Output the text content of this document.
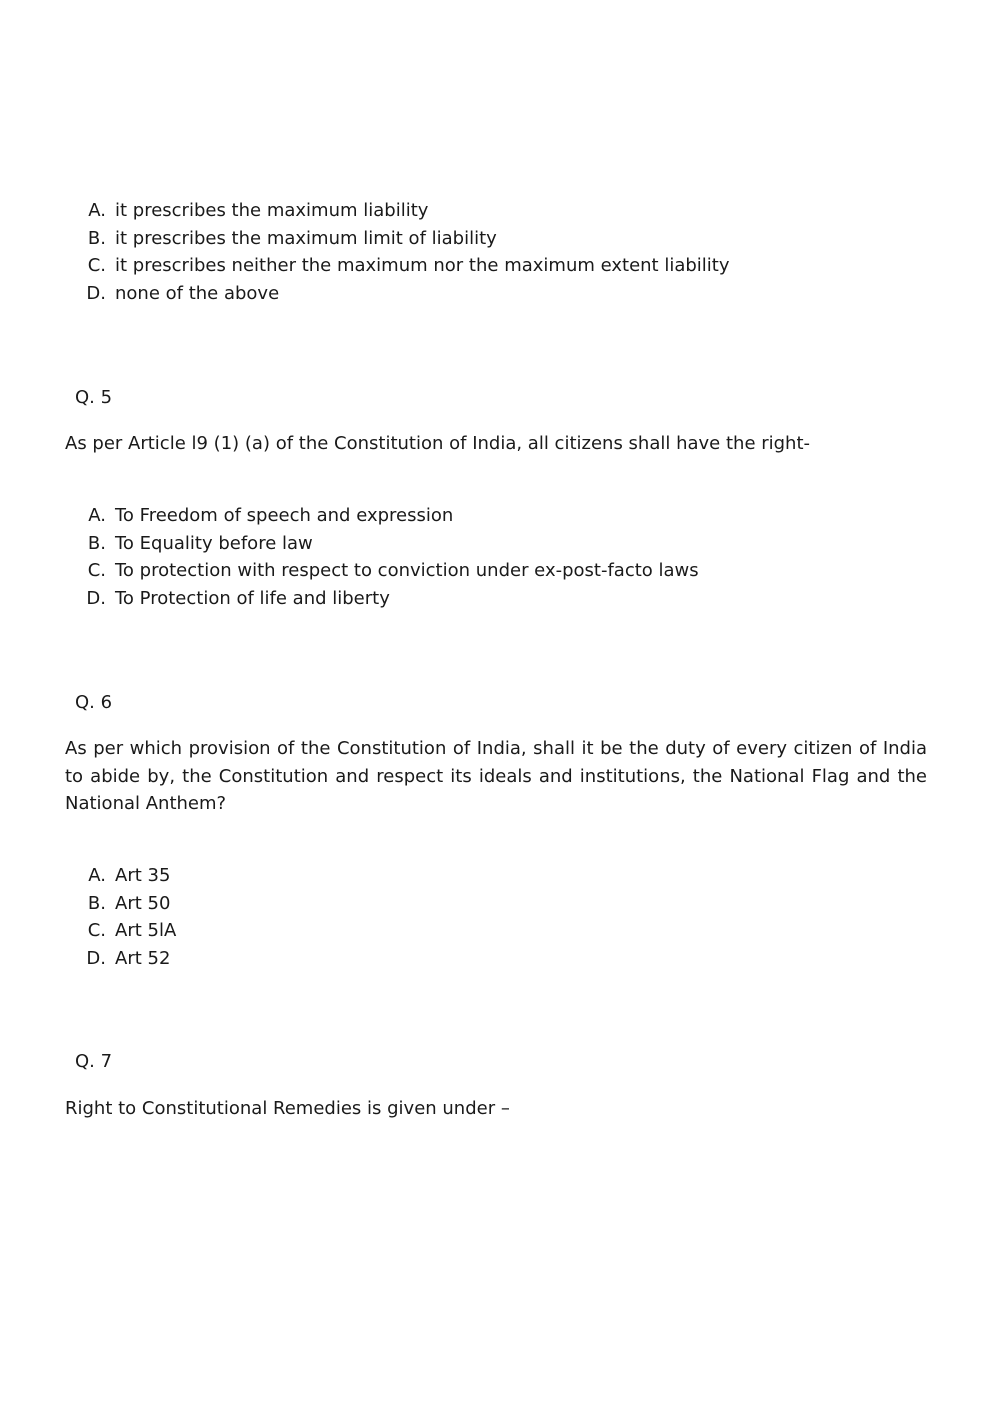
A. it prescribes the maximum liability
B. it prescribes the maximum limit of liability
C. it prescribes neither the maximum nor the maximum extent liability
D. none of the above
Q. 5
As per Article l9 (1) (a) of the Constitution of India, all citizens shall have the right-
A. To Freedom of speech and expression
B. To Equality before law
C. To protection with respect to conviction under ex-post-facto laws
D. To Protection of life and liberty
Q. 6
As per which provision of the Constitution of India, shall it be the duty of every citizen of India to abide by, the Constitution and respect its ideals and institutions, the National Flag and the National Anthem?
A. Art 35
B. Art 50
C. Art 5lA
D. Art 52
Q. 7
Right to Constitutional Remedies is given under –
